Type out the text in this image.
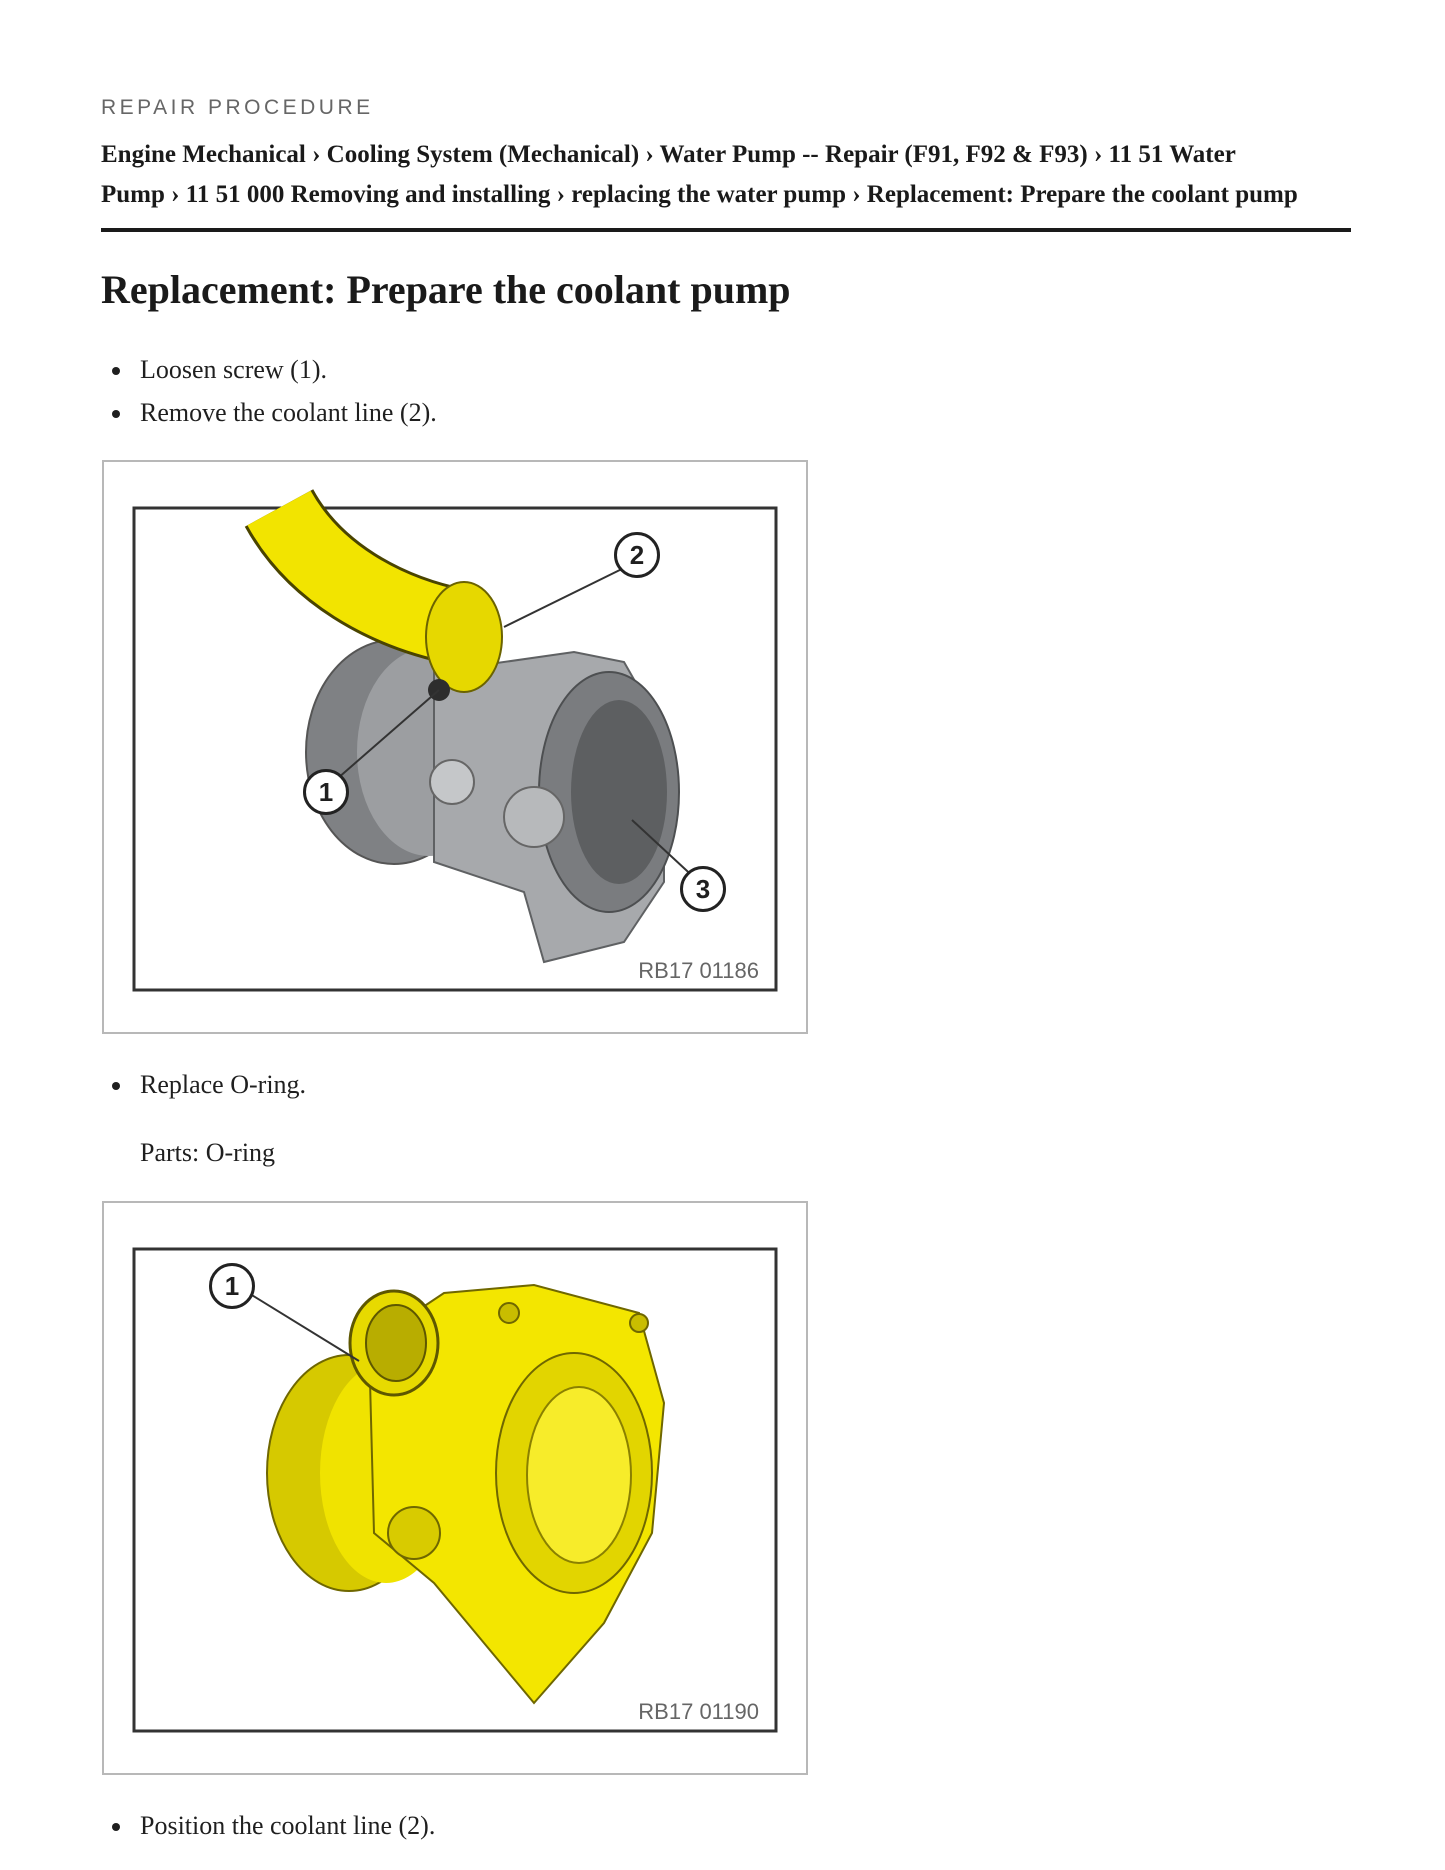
REPAIR PROCEDURE
Engine Mechanical › Cooling System (Mechanical) › Water Pump -- Repair (F91, F92 & F93) › 11 51 Water
Pump › 11 51 000 Removing and installing › replacing the water pump › Replacement: Prepare the coolant pump
Replacement: Prepare the coolant pump
Loosen screw (1).
Remove the coolant line (2).
1
2
3
RB17 01186
Replace O-ring.
Parts: O-ring
1
RB17 01190
Position the coolant line (2).
